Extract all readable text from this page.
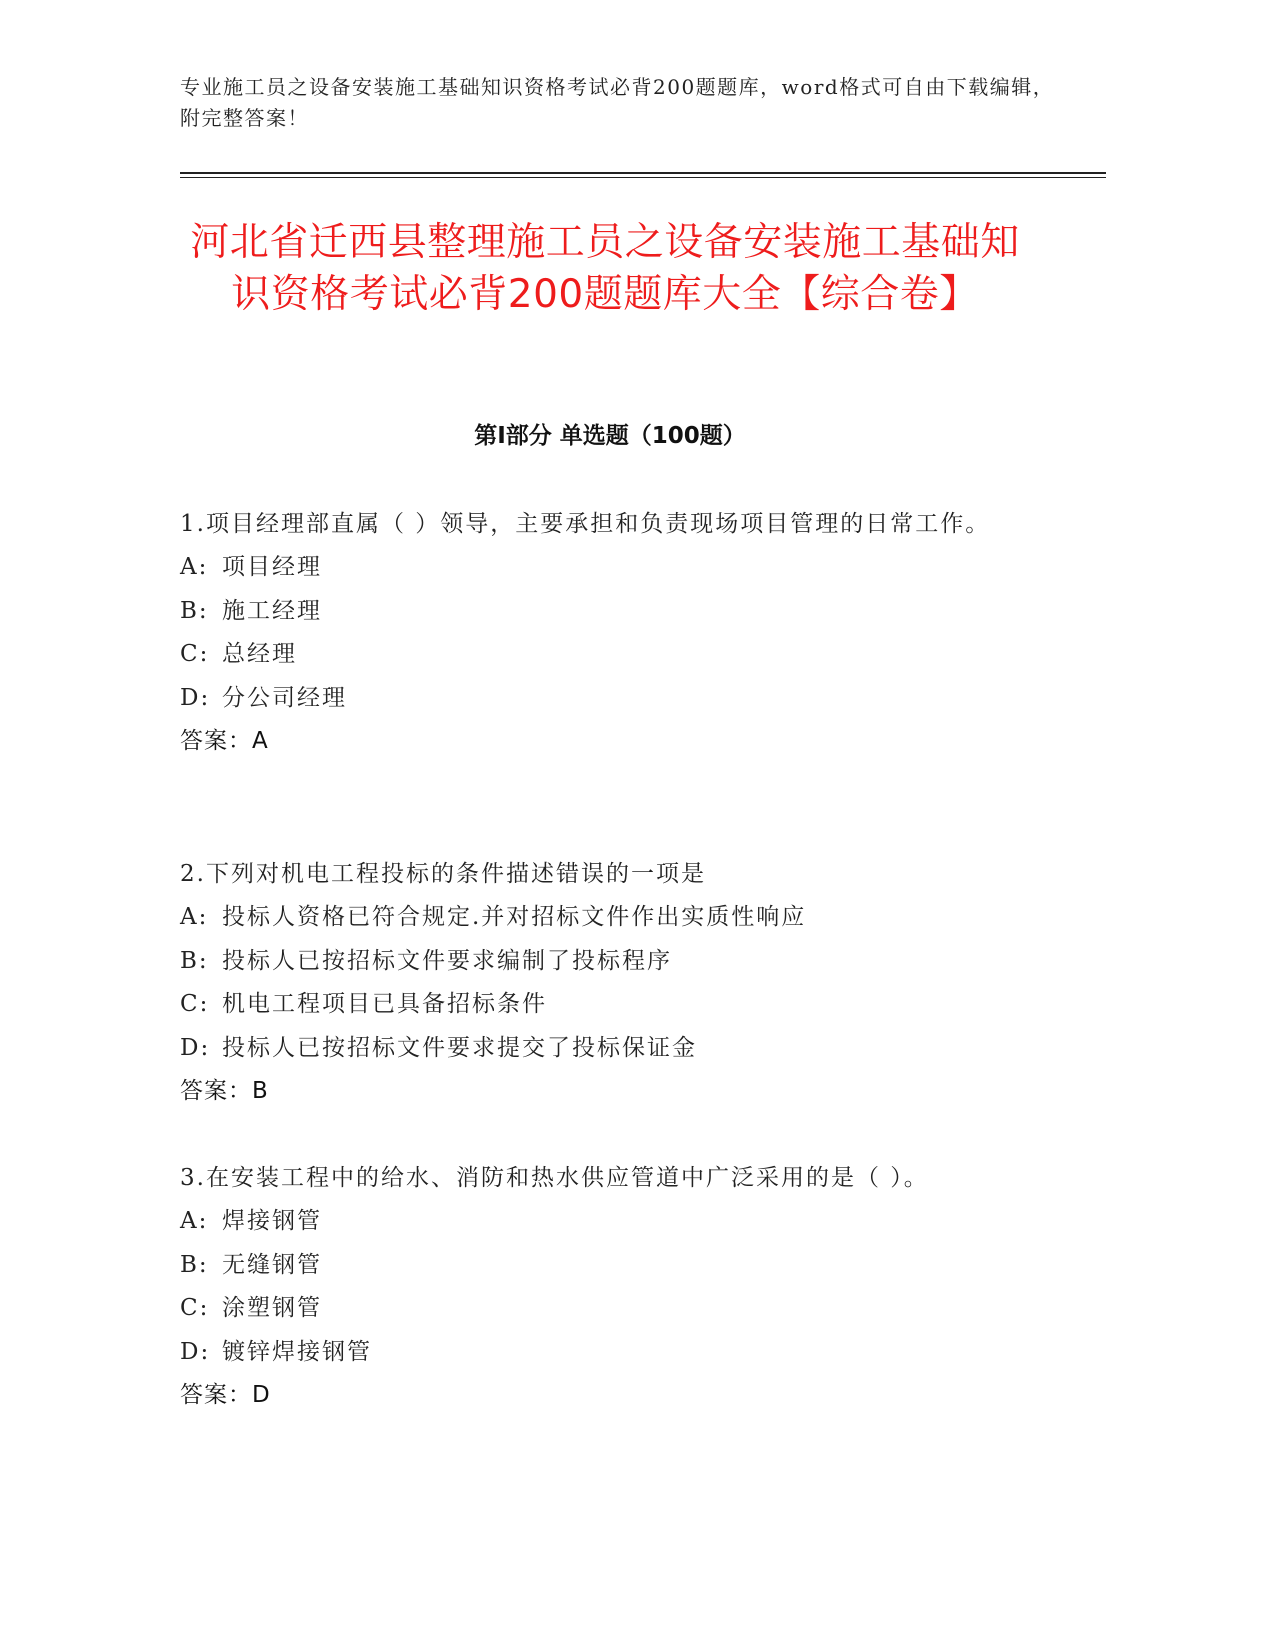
专业施工员之设备安装施工基础知识资格考试必背200题题库，word格式可自由下载编辑，附完整答案！
河北省迁西县整理施工员之设备安装施工基础知识资格考试必背200题题库大全【综合卷】
第Ⅰ部分 单选题（100题）
1.项目经理部直属（ ）领导，主要承担和负责现场项目管理的日常工作。
A: 项目经理
B: 施工经理
C: 总经理
D: 分公司经理
答案：A
2.下列对机电工程投标的条件描述错误的一项是
A: 投标人资格已符合规定.并对招标文件作出实质性响应
B: 投标人已按招标文件要求编制了投标程序
C: 机电工程项目已具备招标条件
D: 投标人已按招标文件要求提交了投标保证金
答案：B
3.在安装工程中的给水、消防和热水供应管道中广泛采用的是（ ）。
A: 焊接钢管
B: 无缝钢管
C: 涂塑钢管
D: 镀锌焊接钢管
答案：D
